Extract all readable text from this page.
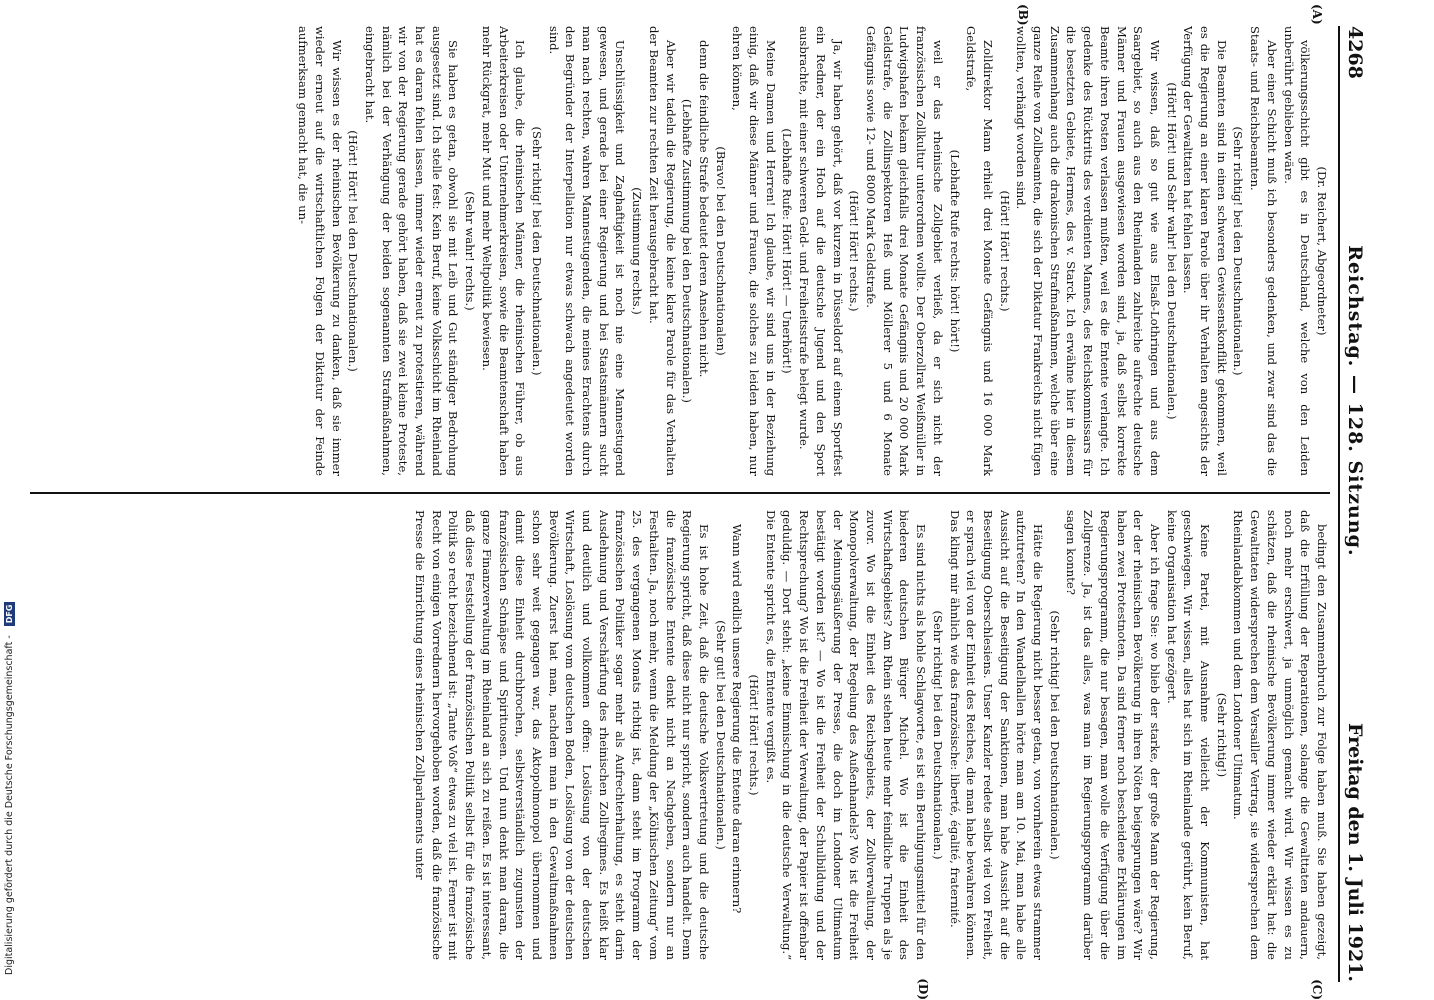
Digitalisierung gefördert durch die Deutsche Forschungsgemeinschaft - DFG
4268
Reichstag. — 128. Sitzung.
Freitag den 1. Juli 1921.
(A)
(B)
(C)
(D)

(Dr. Reichert, Abgeordneter)

völkerungsschicht gibt es in Deutschland, welche von den Leiden unberührt geblieben wäre.

Aber einer Schicht muß ich besonders gedenken, und zwar sind das die Staats- und Reichsbeamten.

(Sehr richtig! bei den Deutschnationalen.)

Die Beamten sind in einen schweren Gewissenskonflikt gekommen, weil es die Regierung an einer klaren Parole über ihr Verhalten angesichts der Verfügung der Gewalttaten hat fehlen lassen.

(Hört! Hört! und Sehr wahr! bei den Deutschnationalen.)

Wir wissen, daß so gut wie aus Elsaß-Lothringen und aus dem Saargebiet, so auch aus den Rheinlanden zahlreiche aufrechte deutsche Männer und Frauen ausgewiesen worden sind, ja, daß selbst korrekte Beamte ihren Posten verlassen mußten, weil es die Entente verlangte. Ich gedenke des Rücktritts des verdienten Mannes, des Reichskommissars für die besetzten Gebiete, Hermes, des v. Starck. Ich erwähne hier in diesem Zusammenhang auch die drakonischen Strafmaßnahmen, welche über eine ganze Reihe von Zollbeamten, die sich der Diktatur Frankreichs nicht fügen wollten, verhängt worden sind.

(Hört! Hört! rechts.)

Zolldirektor Mann erhielt drei Monate Gefängnis und 16 000 Mark Geldstrafe,

(Lebhafte Rufe rechts: hört! hört!)

weil er das rheinische Zollgebiet verließ, da er sich nicht der französischen Zollkultur unterordnen wollte. Der Oberzollrat Weißmüller in Ludwigshafen bekam gleichfalls drei Monate Gefängnis und 20 000 Mark Geldstrafe, die Zollinspektoren Heß und Möllerer 5 und 6 Monate Gefängnis sowie 12- und 8000 Mark Geldstrafe.

(Hört! Hört! rechts.)

Ja, wir haben gehört, daß vor kurzem in Düsseldorf auf einem Sportfest ein Redner, der ein Hoch auf die deutsche Jugend und den Sport ausbrachte, mit einer schweren Geld- und Freiheitsstrafe belegt wurde.

(Lebhafte Rufe: Hört! Hört! — Unerhört!)

Meine Damen und Herren! Ich glaube, wir sind uns in der Beziehung einig, daß wir diese Männer und Frauen, die solches zu leiden haben, nur ehren können,

(Bravo! bei den Deutschnationalen)

denn die feindliche Strafe bedeutet deren Ansehen nicht.

(Lebhafte Zustimmung bei den Deutschnationalen.)

Aber wir tadeln die Regierung, die keine klare Parole für das Verhalten der Beamten zur rechten Zeit herausgebracht hat.

(Zustimmung rechts.)

Unschlüssigkeit und Zaghaftigkeit ist noch nie eine Mannestugend gewesen, und gerade bei einer Regierung und bei Staatsmännern sucht man nach rechten, wahren Mannestugenden, die meines Erachtens durch den Begründer der Interpellation nur etwas schwach angedeutet worden sind.

(Sehr richtig! bei den Deutschnationalen.)

Ich glaube, die rheinischen Männer, die rheinischen Führer, ob aus Arbeiterkreisen oder Unternehmerkreisen, sowie die Beamtenschaft haben mehr Rückgrat, mehr Mut und mehr Weltpolitik bewiesen.

(Sehr wahr! rechts.)

Sie haben es getan, obwohl sie mit Leib und Gut ständiger Bedrohung ausgesetzt sind. Ich stelle fest: Kein Beruf, keine Volksschicht im Rheinland hat es daran fehlen lassen, immer wieder erneut zu protestieren, während wir von der Regierung gerade gehört haben, daß sie zwei kleine Proteste, nämlich bei der Verhängung der beiden sogenannten Strafmaßnahmen, eingebracht hat.

(Hört! Hört! bei den Deutschnationalen.)

Wir wissen es der rheinischen Bevölkerung zu danken, daß sie immer wieder erneut auf die wirtschaftlichen Folgen der Diktatur der Feinde aufmerksam gemacht hat, die un-

bedingt den Zusammenbruch zur Folge haben muß. Sie haben gezeigt, daß die Erfüllung der Reparationen, solange die Gewalttaten andauern, noch mehr erschwert, ja unmöglich gemacht wird. Wir wissen es zu schätzen, daß die rheinische Bevölkerung immer wieder erklärt hat: die Gewalttaten widersprechen dem Versailler Vertrag, sie widersprechen dem Rheinlandabkommen und dem Londoner Ultimatum.

(Sehr richtig!)

Keine Partei, mit Ausnahme vielleicht der Kommunisten, hat geschwiegen. Wir wissen, alles hat sich im Rheinlande gerührt, kein Beruf, keine Organisation hat gezögert.

Aber ich frage Sie: wo blieb der starke, der große Mann der Regierung, der der rheinischen Bevölkerung in ihren Nöten beigesprungen wäre? Wir haben zwei Protestnoten. Da sind ferner noch bescheidene Erklärungen im Regierungsprogramm, die nur besagen, man wolle die Verfügung über die Zollgrenze. Ja, ist das alles, was man im Regierungsprogramm darüber sagen konnte?

(Sehr richtig! bei den Deutschnationalen.)

Hätte die Regierung nicht besser getan, von vornherein etwas strammer aufzutreten? In den Wandelhallen hörte man am 10. Mai, man habe alle Aussicht auf die Beseitigung der Sanktionen, man habe Aussicht auf die Beseitigung Oberschlesiens. Unser Kanzler redete selbst viel von Freiheit, er sprach viel von der Einheit des Reiches, die man habe bewahren können. Das klingt mir ähnlich wie das französische: liberté, égalité, fraternité.

(Sehr richtig! bei den Deutschnationalen.)

Es sind nichts als hohle Schlagworte, es ist ein Beruhigungsmittel für den biederen deutschen Bürger Michel. Wo ist die Einheit des Wirtschaftsgebiets? Am Rhein stehen heute mehr feindliche Truppen als je zuvor. Wo ist die Einheit des Reichsgebiets, der Zollverwaltung, der Monopolverwaltung, der Regelung des Außenhandels? Wo ist die Freiheit der Meinungsäußerung der Presse, die doch im Londoner Ultimatum bestätigt worden ist? — Wo ist die Freiheit der Schulbildung und der Rechtsprechung? Wo ist die Freiheit der Verwaltung, der Papier ist offenbar geduldig. — Dort steht: „keine Einmischung in die deutsche Verwaltung.“ Die Entente spricht es, die Entente vergißt es.

(Hört! Hört! rechts.)

Wann wird endlich unsere Regierung die Entente daran erinnern?

(Sehr gut! bei den Deutschnationalen.)

Es ist hohe Zeit, daß die deutsche Volksvertretung und die deutsche Regierung spricht, daß diese nicht nur spricht, sondern auch handelt. Denn die französische Entente denkt nicht an Nachgeben, sondern nur an Festhalten. Ja, noch mehr, wenn die Meldung der „Kölnischen Zeitung“ vom 25. des vergangenen Monats richtig ist, dann steht im Programm der französischen Politiker sogar mehr als Aufrechterhaltung, es steht darin Ausdehnung und Verschärfung des rheinischen Zollregimes. Es heißt klar und deutlich und vollkommen offen: Loslösung von der deutschen Wirtschaft, Loslösung vom deutschen Boden, Loslösung von der deutschen Bevölkerung. Zuerst hat man, nachdem man in den Gewaltmaßnahmen schon sehr weit gegangen war, das Aktopolmonopol übernommen und damit diese Einheit durchbrochen, selbstverständlich zugunsten der französischen Schnäpse und Spirituosen. Und nun denkt man daran, die ganze Finanzverwaltung im Rheinland an sich zu reißen. Es ist interessant, daß diese Feststellung der französischen Politik selbst für die französische Politik so recht bezeichnend ist: „Tante Voß“ etwas zu viel ist. Ferner ist mit Recht von einigen Vorrednern hervorgehoben worden, daß die französische Presse die Einrichtung eines rheinischen Zollparlaments unter
